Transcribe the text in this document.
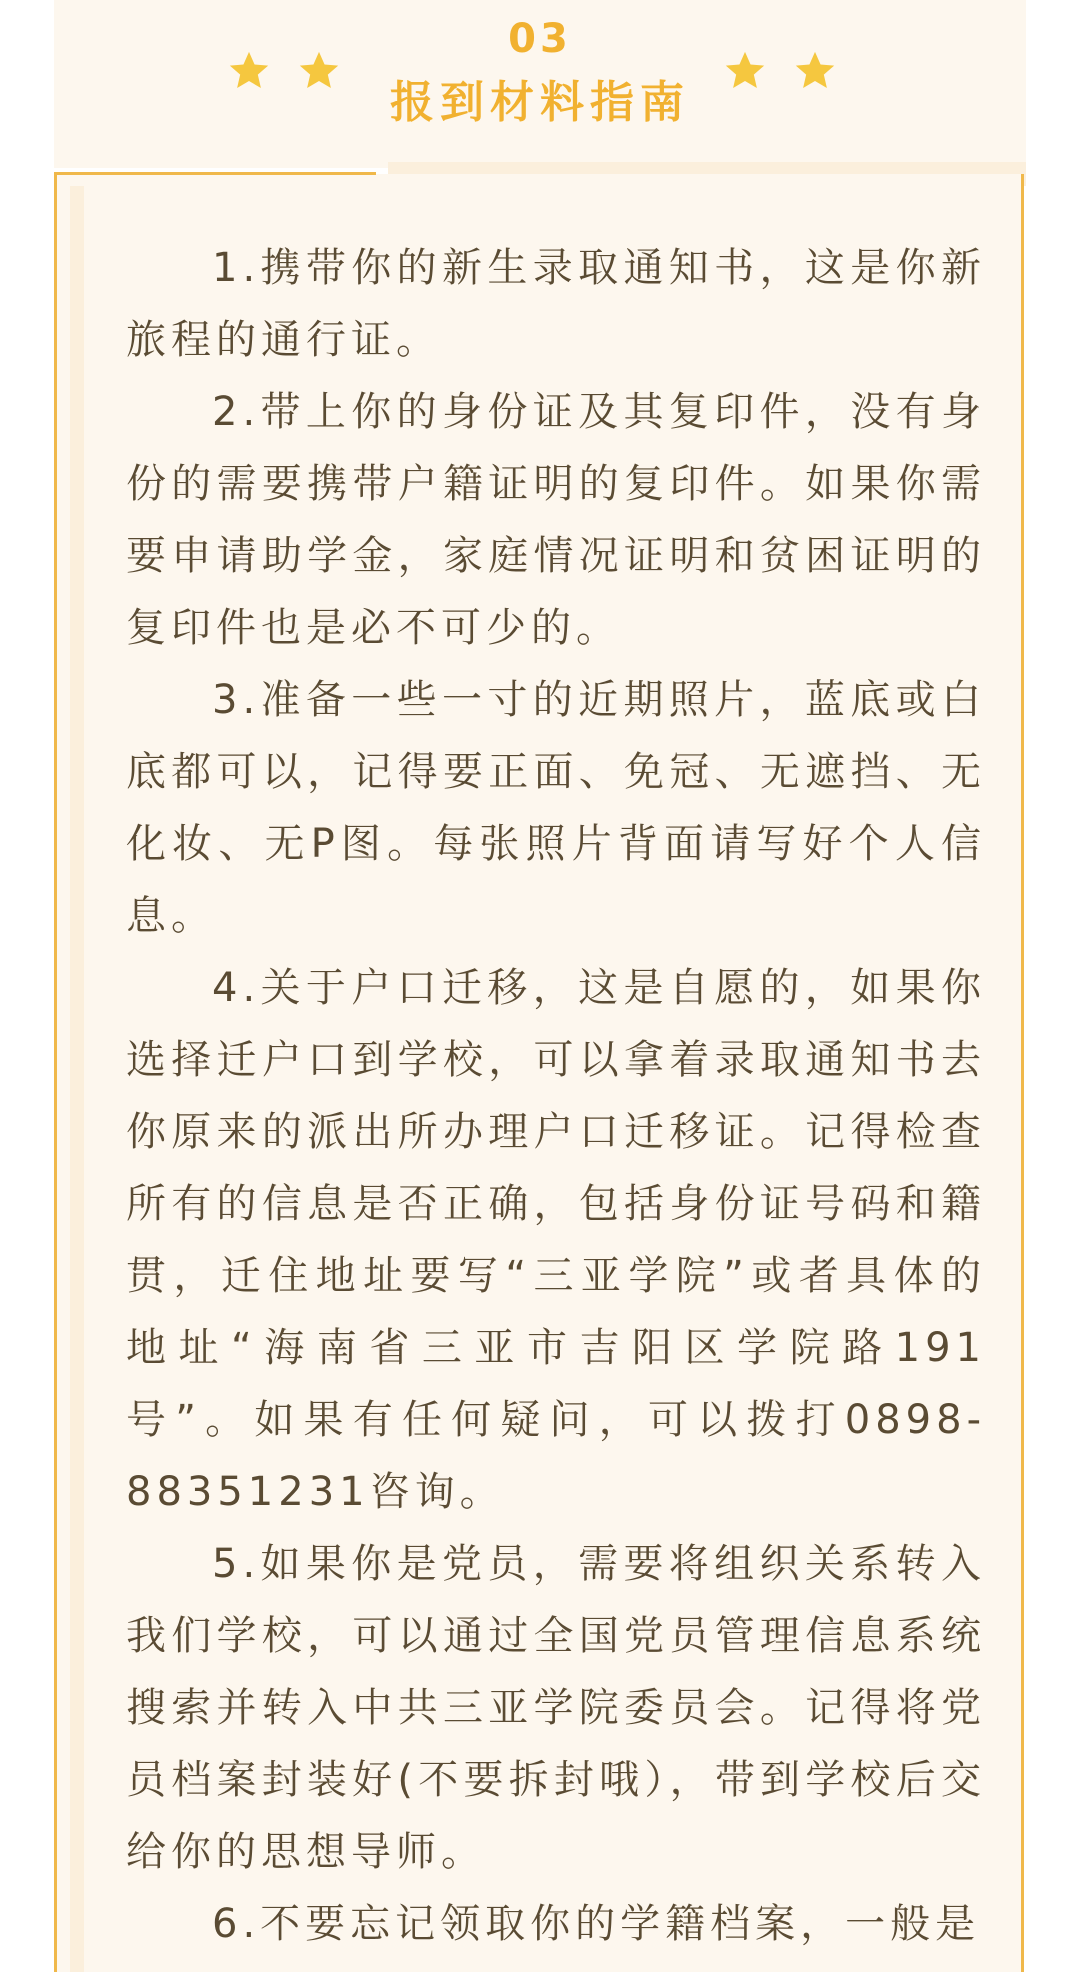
03
报到材料指南

1.携带你的新生录取通知书，这是你新旅程的通行证。

2.带上你的身份证及其复印件，没有身份的需要携带户籍证明的复印件。如果你需要申请助学金，家庭情况证明和贫困证明的复印件也是必不可少的。

3.准备一些一寸的近期照片，蓝底或白底都可以，记得要正面、免冠、无遮挡、无化妆、无P图。每张照片背面请写好个人信息。

4.关于户口迁移，这是自愿的，如果你选择迁户口到学校，可以拿着录取通知书去你原来的派出所办理户口迁移证。记得检查所有的信息是否正确，包括身份证号码和籍贯，迁住地址要写“三亚学院”或者具体的地址“海南省三亚市吉阳区学院路191号”。如果有任何疑问，可以拨打0898-88351231咨询。

5.如果你是党员，需要将组织关系转入我们学校，可以通过全国党员管理信息系统搜索并转入中共三亚学院委员会。记得将党员档案封装好(不要拆封哦），带到学校后交给你的思想导师。

6.不要忘记领取你的学籍档案，一般是
